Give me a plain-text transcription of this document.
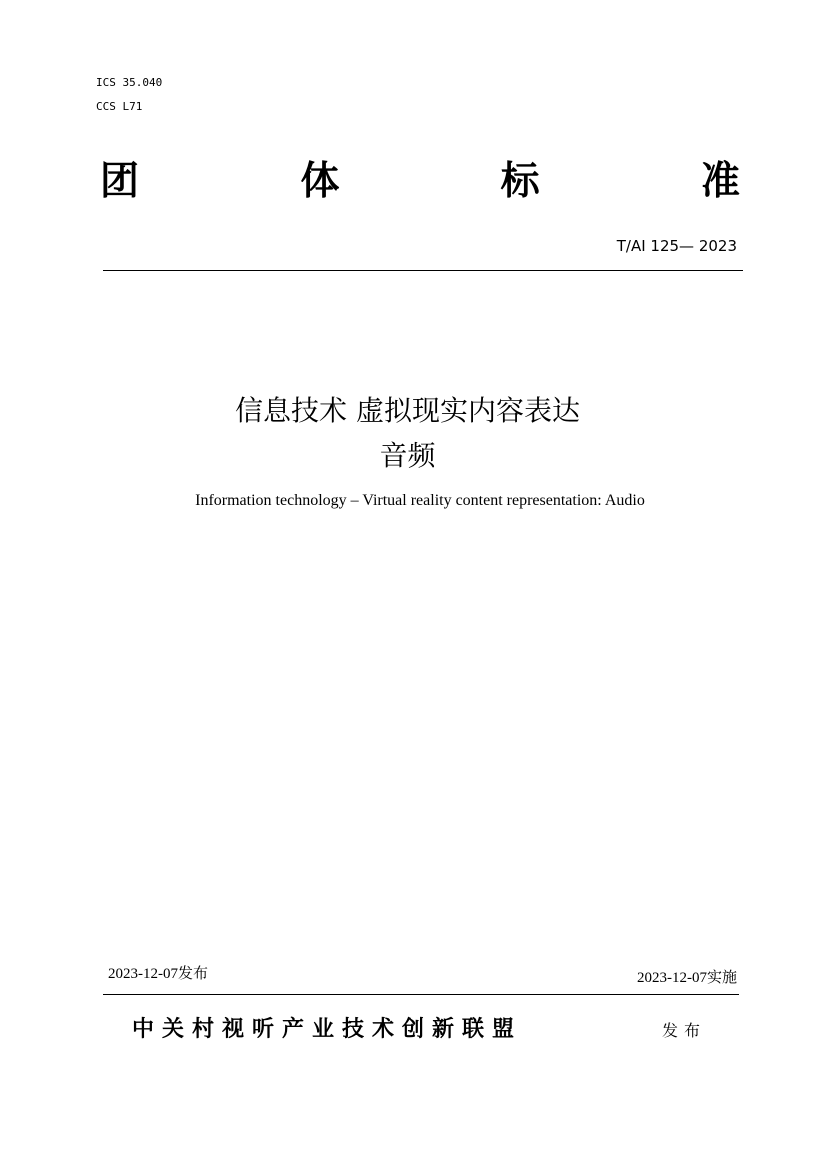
ICS 35.040
CCS L71
团	体	标	准
T/AI 125— 2023
信息技术 虚拟现实内容表达
音频
Information technology – Virtual reality content representation: Audio
2023-12-07发布	2023-12-07实施
中关村视听产业技术创新联盟	发布
